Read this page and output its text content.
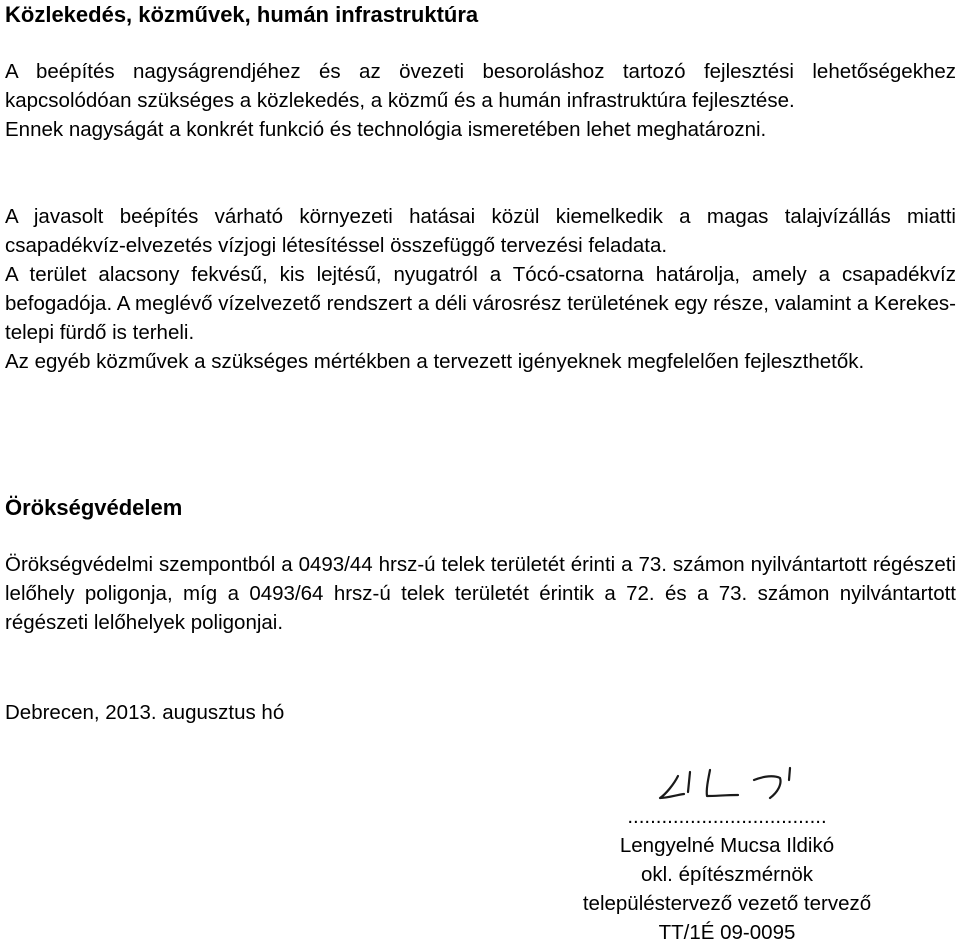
Közlekedés, közművek, humán infrastruktúra

A beépítés nagyságrendjéhez és az övezeti besoroláshoz tartozó fejlesztési lehetőségekhez kapcsolódóan szükséges a közlekedés, a közmű és a humán infrastruktúra fejlesztése.

Ennek nagyságát a konkrét funkció és technológia ismeretében lehet meghatározni.

A javasolt beépítés várható környezeti hatásai közül kiemelkedik a magas talajvízállás miatti csapadékvíz-elvezetés vízjogi létesítéssel összefüggő tervezési feladata.

A terület alacsony fekvésű, kis lejtésű, nyugatról a Tócó-csatorna határolja, amely a csapadékvíz befogadója. A meglévő vízelvezető rendszert a déli városrész területének egy része, valamint a Kerekes-telepi fürdő is terheli.

Az egyéb közművek a szükséges mértékben a tervezett igényeknek megfelelően fejleszthetők.

Örökségvédelem

Örökségvédelmi szempontból a 0493/44 hrsz-ú telek területét érinti a 73. számon nyilvántartott régészeti lelőhely poligonja, míg a 0493/64 hrsz-ú telek területét érintik a 72. és a 73. számon nyilvántartott régészeti lelőhelyek poligonjai.

Debrecen, 2013. augusztus hó
...................................
Lengyelné Mucsa Ildikó
okl. építészmérnök
településtervező vezető tervező
TT/1É 09-0095
